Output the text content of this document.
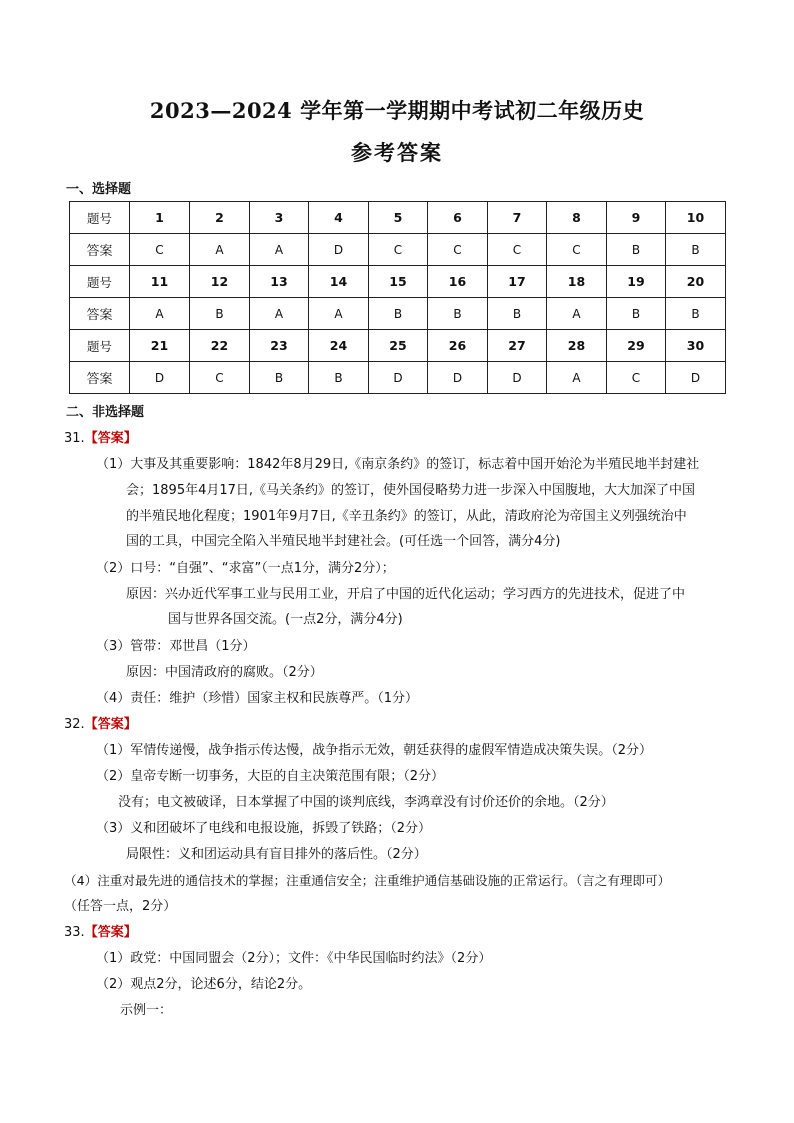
2023—2024 学年第一学期期中考试初二年级历史
参考答案
一、选择题
题号	1	2	3	4	5	6	7	8	9	10
答案	C	A	A	D	C	C	C	C	B	B
题号	11	12	13	14	15	16	17	18	19	20
答案	A	B	A	A	B	B	B	A	B	B
题号	21	22	23	24	25	26	27	28	29	30
答案	D	C	B	B	D	D	D	A	C	D
二、非选择题
31.【答案】
（1）大事及其重要影响：1842年8月29日,《南京条约》的签订，标志着中国开始沦为半殖民地半封建社
会；1895年4月17日,《马关条约》的签订，使外国侵略势力进一步深入中国腹地，大大加深了中国
的半殖民地化程度；1901年9月7日,《辛丑条约》的签订，从此，清政府沦为帝国主义列强统治中
国的工具，中国完全陷入半殖民地半封建社会。(可任选一个回答，满分4分)
（2）口号：“自强”、“求富”（一点1分，满分2分）；
原因：兴办近代军事工业与民用工业，开启了中国的近代化运动；学习西方的先进技术，促进了中
国与世界各国交流。(一点2分，满分4分)
（3）管带：邓世昌（1分）
原因：中国清政府的腐败。（2分）
（4）责任：维护（珍惜）国家主权和民族尊严。（1分）
32.【答案】
（1）军情传递慢，战争指示传达慢，战争指示无效，朝廷获得的虚假军情造成决策失误。（2分）
（2）皇帝专断一切事务，大臣的自主决策范围有限；（2分）
没有；电文被破译，日本掌握了中国的谈判底线，李鸿章没有讨价还价的余地。（2分）
（3）义和团破坏了电线和电报设施，拆毁了铁路；（2分）
局限性：义和团运动具有盲目排外的落后性。（2分）
（4）注重对最先进的通信技术的掌握；注重通信安全；注重维护通信基础设施的正常运行。（言之有理即可）
（任答一点，2分）
33.【答案】
（1）政党：中国同盟会（2分）；文件：《中华民国临时约法》（2分）
（2）观点2分，论述6分，结论2分。
示例一：
